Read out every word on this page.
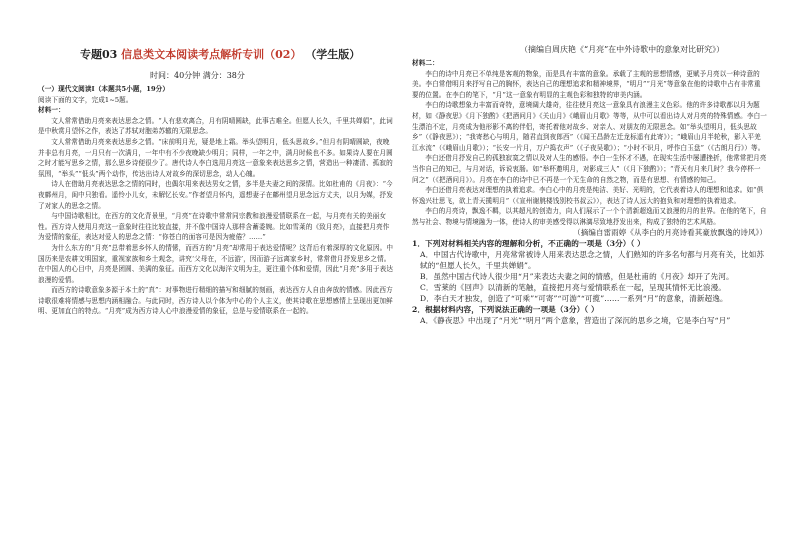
专题03 信息类文本阅读考点解析专训（02） （学生版）
时间：40分钟 满分：38分
（摘编自周庆艳《“月亮”在中外诗歌中的意象对比研究》）

（一）现代文阅读Ⅰ（本题共5小题，19分）

阅读下面的文字，完成1~5题。

材料一：

文人常常借助月亮来表达思念之情。“人有悲欢离合，月有阴晴圆缺，此事古难全。但愿人长久，千里共婵娟”，此词是中秋赏月望怀之作，表达了苏轼对胞弟苏辙的无限思念。

文人常常借助月亮来表达思乡之情。“床前明月光，疑是地上霜。举头望明月，低头思故乡。”但月有阴晴圆缺，夜晚并非总有月亮，一月只有一次满月，一年中有不少夜晚缺少明月；同样，一年之中，满月时候也不多。如果诗人要在月圆之时才能写思乡之情，那么思乡诗便很少了。唐代诗人李白选用月亮这一意象来表达思乡之情，营造出一种凄清、孤寂的氛围，“举头”“低头”两个动作，传达出诗人对故乡的深切思念，动人心魄。

诗人在借助月亮表达思念之情的同时，也偶尔用来表达男女之情，多半是夫妻之间的深情。比如杜甫的《月夜》：“今夜鄜州月，闺中只独看。遥怜小儿女，未解忆长安。”作者望月怀内，遥想妻子在鄜州望月思念远方丈夫，以月为媒，抒发了对家人的思念之情。

与中国诗歌相比，在西方的文化背景里，“月亮”在诗歌中常常同宗教和浪漫爱情联系在一起，与月亮有关的美丽女性。西方诗人使用月亮这一意象时往往比较直接，并不像中国诗人那样含蓄委婉。比如雪莱的《致月亮》，直接把月亮作为爱情的象征，表达对爱人的思念之情：“你苍白的面容可是因为疲倦？……”

为什么东方的“月亮”总带着思乡怀人的情愫，而西方的“月亮”却常用于表达爱情呢？这背后有着深厚的文化原因。中国历来是农耕文明国家，重视家族和乡土观念，讲究‘父母在，不远游’，因而游子远离家乡时，常常借月抒发思乡之情。在中国人的心目中，月亮是团圆、美满的象征。而西方文化以海洋文明为主，更注重个体和爱情，因此“月亮”多用于表达浪漫的爱情。

而西方的诗歌意象多源于本土的“真”：对事物进行精细的描写和细腻的刻画，表达西方人自由奔放的情感。因此西方诗歌很难将情感与思想内涵相融合。与此同时，西方诗人以个体为中心的个人主义，使其诗歌在思想感情上呈现出更加鲜明、更加直白的特点。“月亮”成为西方诗人心中浪漫爱情的象征，总是与爱情联系在一起的。

材料二：

李白的诗中月亮已不单纯是客观的物象，而是具有丰富的意象。承载了主观的思想情感，更赋予月亮以一种诗意的美。李白常借明月来抒写自己的胸怀，表达自己的理想追求和精神境界，“明月”“月光”等意象在他的诗歌中占有非常重要的位置。在李白的笔下，“月”这一意象有明显的主观色彩和独特的审美内涵。

李白的诗歌想象力丰富而奇特，意境阔大雄奇，往往使月亮这一意象具有浪漫主义色彩。他的许多诗歌都以月为题材，如《静夜思》《月下独酌》《把酒问月》《关山月》《峨眉山月歌》等等，从中可以看出诗人对月亮的特殊情感。李白一生漂泊不定，月亮成为他形影不离的伴侣，寄托着他对故乡、对亲人、对朋友的无限思念。如“举头望明月，低头思故乡”（《静夜思》）；“我寄愁心与明月，随君直到夜郎西”（《闻王昌龄左迁龙标遥有此寄》）；“峨眉山月半轮秋，影入平羌江水流”（《峨眉山月歌》）；“长安一片月，万户捣衣声”（《子夜吴歌》）；“小时不识月，呼作白玉盘”（《古朗月行》）等。

李白还借月抒发自己的孤独寂寞之情以及对人生的感悟。李白一生怀才不遇，在现实生活中屡遭挫折，他常常把月亮当作自己的知己，与月对话，诉说衷肠。如“举杯邀明月，对影成三人”（《月下独酌》）；“青天有月来几时？我今停杯一问之”（《把酒问月》）。月亮在李白的诗中已不再是一个无生命的自然之物，而是有思想、有情感的知己。

李白还借月亮表达对理想的执着追求。李白心中的月亮是纯洁、美好、光明的，它代表着诗人的理想和追求。如“俱怀逸兴壮思飞，欲上青天揽明月”（《宣州谢朓楼饯别校书叔云》），表达了诗人远大的抱负和对理想的执着追求。

李白的月亮诗，飘逸不羁，以其超凡的创造力，向人们展示了一个个清新超逸而又浪漫的月的世界。在他的笔下，自然与社会、物境与情境融为一体，使诗人的审美感受得以淋漓尽致地抒发出来，构成了独特的艺术风格。

（摘编自雷雨婷《从李白的月亮诗看其豪放飘逸的诗风》）

1．下列对材料相关内容的理解和分析，不正确的一项是（3分）（ ）

A．中国古代诗歌中，月亮常常被诗人用来表达思念之情，人们熟知的许多名句都与月亮有关，比如苏轼的“但愿人长久，千里共婵娟”。

B．虽然中国古代诗人很少用“月”来表达夫妻之间的情感，但是杜甫的《月夜》却开了先河。

C．雪莱的《回声》以清新的笔触，直接把月亮与爱情联系在一起，呈现其情怀无比浪漫。

D．李白天才独发，创造了“可乘”“可寄”“可游”“可揽”……一系列“月”的意象，清新超逸。

2．根据材料内容，下列说法正确的一项是（3分）（ ）

A．《静夜思》中出现了“月光”“明月”两个意象，营造出了深沉的思乡之境，它是李白写“月”
